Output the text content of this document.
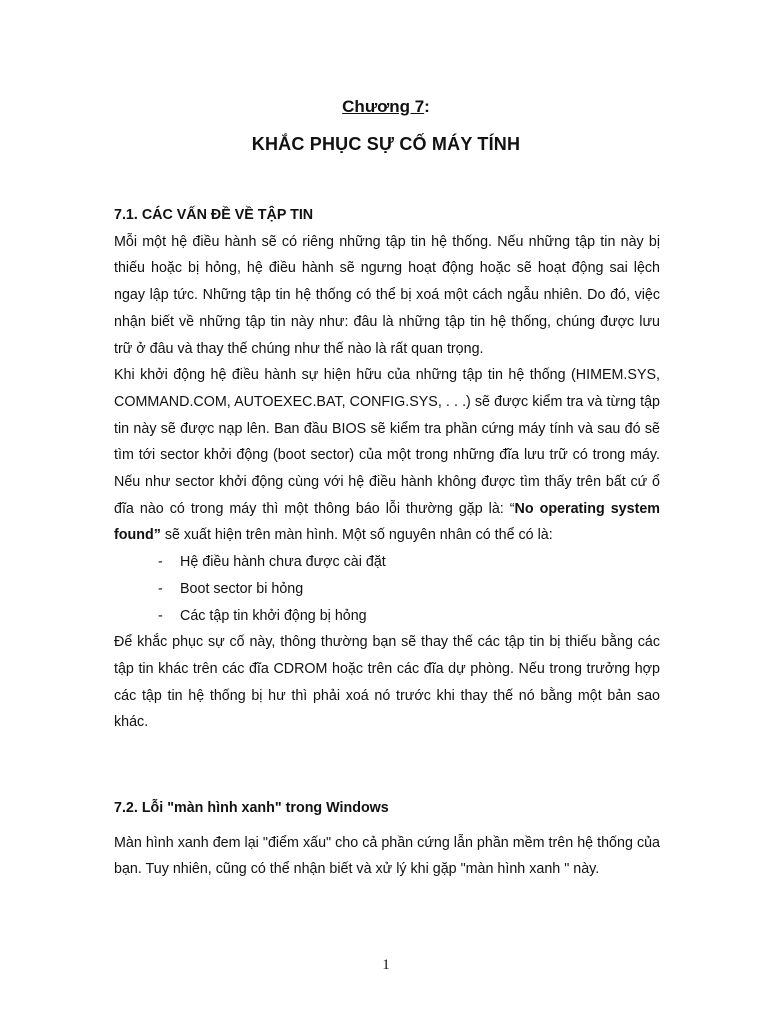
Chương 7:
KHẮC PHỤC SỰ CỐ MÁY TÍNH

7.1. CÁC VẤN ĐỀ VỀ TẬP TIN

Mỗi một hệ điều hành sẽ có riêng những tập tin hệ thống. Nếu những tập tin này bị thiếu hoặc bị hỏng, hệ điều hành sẽ ngưng hoạt động hoặc sẽ hoạt động sai lệch ngay lập tức. Những tập tin hệ thống có thể bị xoá một cách ngẫu nhiên. Do đó, việc nhận biết về những tập tin này như: đâu là những tập tin hệ thống, chúng được lưu trữ ở đâu và thay thế chúng như thế nào là rất quan trọng.

Khi khởi động hệ điều hành sự hiện hữu của những tập tin hệ thống (HIMEM.SYS, COMMAND.COM, AUTOEXEC.BAT, CONFIG.SYS, . . .) sẽ được kiểm tra và từng tập tin này sẽ được nạp lên. Ban đầu BIOS sẽ kiểm tra phần cứng máy tính và sau đó sẽ tìm tới sector khởi động (boot sector) của một trong những đĩa lưu trữ có trong máy. Nếu như sector khởi động cùng với hệ điều hành không được tìm thấy trên bất cứ ổ đĩa nào có trong máy thì một thông báo lỗi thường gặp là: “No operating system found” sẽ xuất hiện trên màn hình. Một số nguyên nhân có thể có là:

- Hệ điều hành chưa được cài đặt
- Boot sector bi hỏng
- Các tập tin khởi động bị hỏng

Để khắc phục sự cố này, thông thường bạn sẽ thay thế các tập tin bị thiếu bằng các tập tin khác trên các đĩa CDROM hoặc trên các đĩa dự phòng. Nếu trong trưởng hợp các tập tin hệ thống bị hư thì phải xoá nó trước khi thay thế nó bằng một bản sao khác.

7.2. Lỗi "màn hình xanh" trong Windows

Màn hình xanh đem lại "điểm xấu" cho cả phần cứng lẫn phần mềm trên hệ thống của bạn. Tuy nhiên, cũng có thể nhận biết và xử lý khi gặp "màn hình xanh " này.

1
